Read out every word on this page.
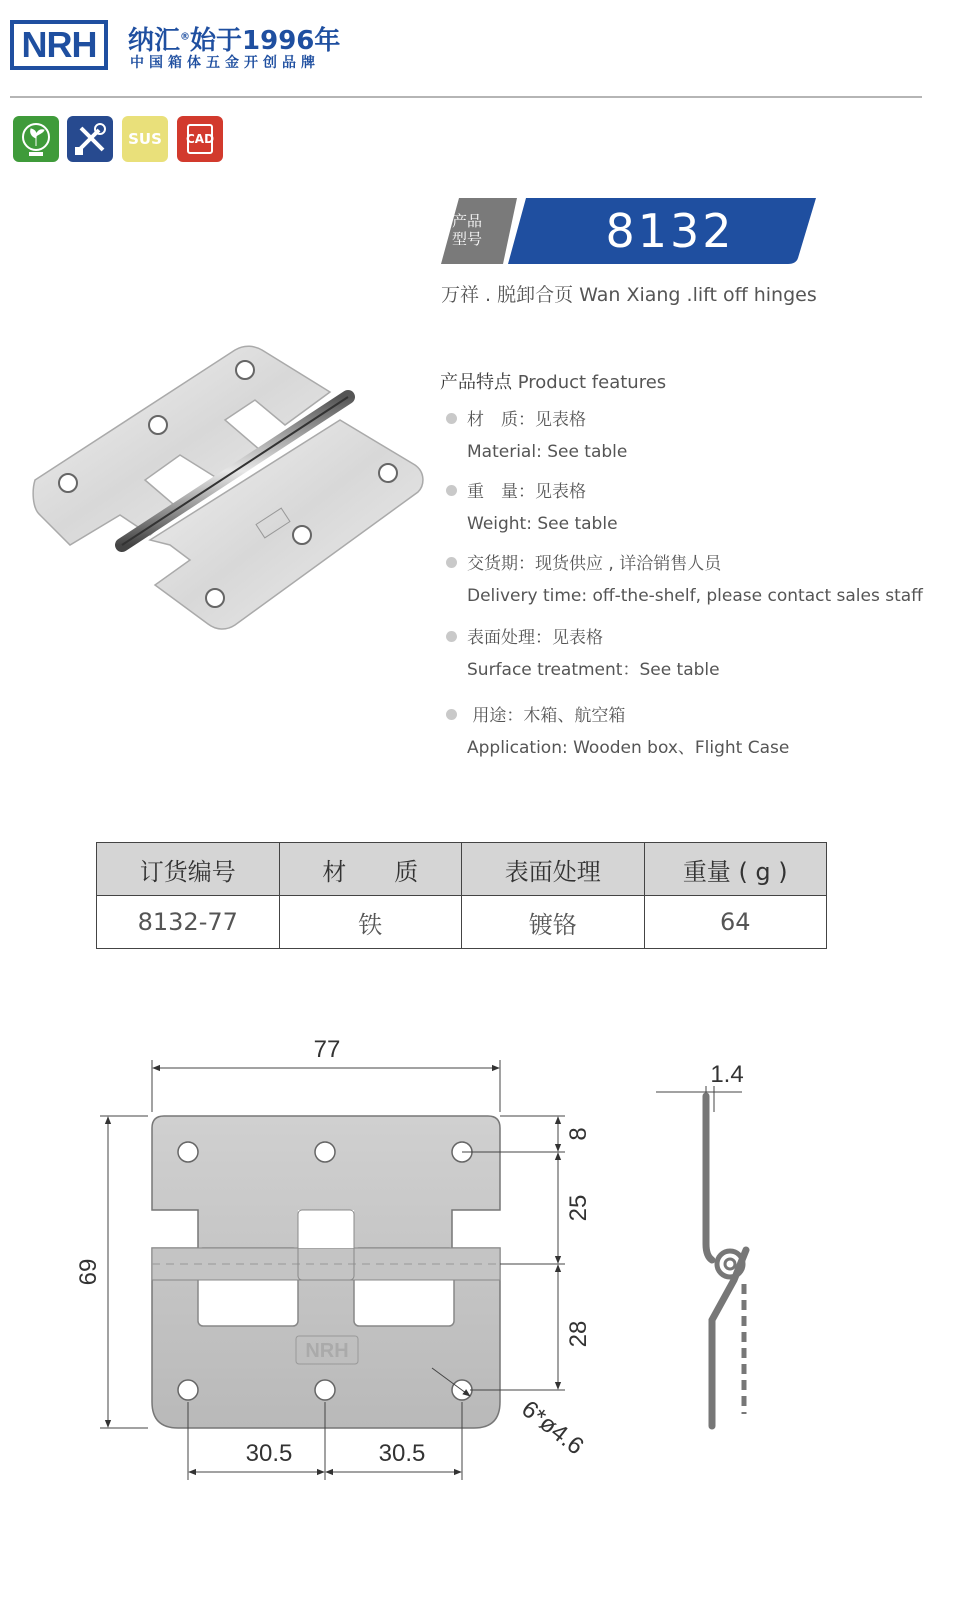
NRH	纳汇®始于1996年
中国箱体五金开创品牌
SUS	CAD
产品
型号	8132
万祥 . 脱卸合页 Wan Xiang .lift off hinges
产品特点 Product features
材　质：见表格
Material: See table
重　量：见表格
Weight: See table
交货期：现货供应 , 详洽销售人员
Delivery time: off-the-shelf, please contact sales staff
表面处理：见表格
Surface treatment：See table
用途：木箱、航空箱
Application: Wooden box、Flight Case
订货编号	材　　质	表面处理	重量 ( g )
8132-77	铁	镀铬	64
NRH
77
69
8
25
28
30.5	30.5	6*ø4.6
1.4
